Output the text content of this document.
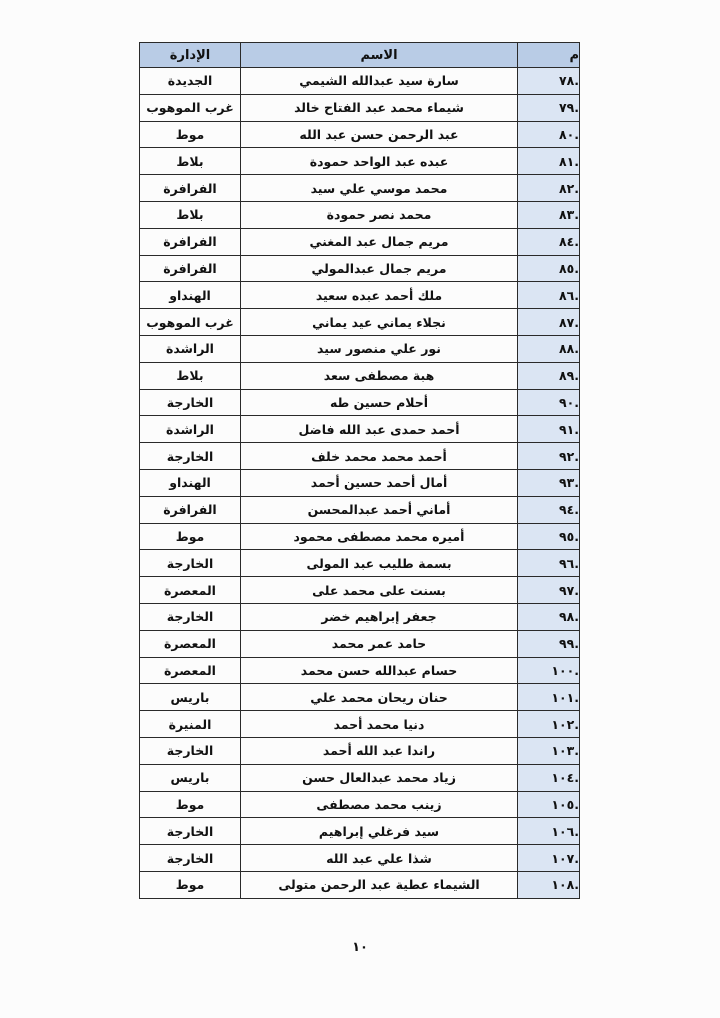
م	الاسم	الإدارة
.٧٨	سارة سيد عبدالله الشيمي	الجديدة
.٧٩	شيماء محمد عبد الفتاح خالد	غرب الموهوب
.٨٠	عبد الرحمن حسن عبد الله	موط
.٨١	عبده عبد الواحد حمودة	بلاط
.٨٢	محمد موسي علي سيد	الفرافرة
.٨٣	محمد نصر حمودة	بلاط
.٨٤	مريم جمال عبد المغني	الفرافرة
.٨٥	مريم جمال عبدالمولي	الفرافرة
.٨٦	ملك أحمد عبده سعيد	الهنداو
.٨٧	نجلاء يماني عيد يماني	غرب الموهوب
.٨٨	نور علي منصور سيد	الراشدة
.٨٩	هبة مصطفى سعد	بلاط
.٩٠	أحلام حسين طه	الخارجة
.٩١	أحمد حمدى عبد الله فاضل	الراشدة
.٩٢	أحمد محمد محمد خلف	الخارجة
.٩٣	أمال أحمد حسين أحمد	الهنداو
.٩٤	أماني أحمد عبدالمحسن	الفرافرة
.٩٥	أميره محمد مصطفى محمود	موط
.٩٦	بسمة طليب عبد المولى	الخارجة
.٩٧	بسنت على محمد على	المعصرة
.٩٨	جعفر إبراهيم خضر	الخارجة
.٩٩	حامد عمر محمد	المعصرة
.١٠٠	حسام عبدالله حسن محمد	المعصرة
.١٠١	حنان ريحان محمد علي	باريس
.١٠٢	دنيا محمد أحمد	المنيرة
.١٠٣	راندا عبد الله أحمد	الخارجة
.١٠٤	زياد محمد عبدالعال حسن	باريس
.١٠٥	زينب محمد مصطفى	موط
.١٠٦	سيد فرغلي إبراهيم	الخارجة
.١٠٧	شذا علي عبد الله	الخارجة
.١٠٨	الشيماء عطية عبد الرحمن متولى	موط
١٠
